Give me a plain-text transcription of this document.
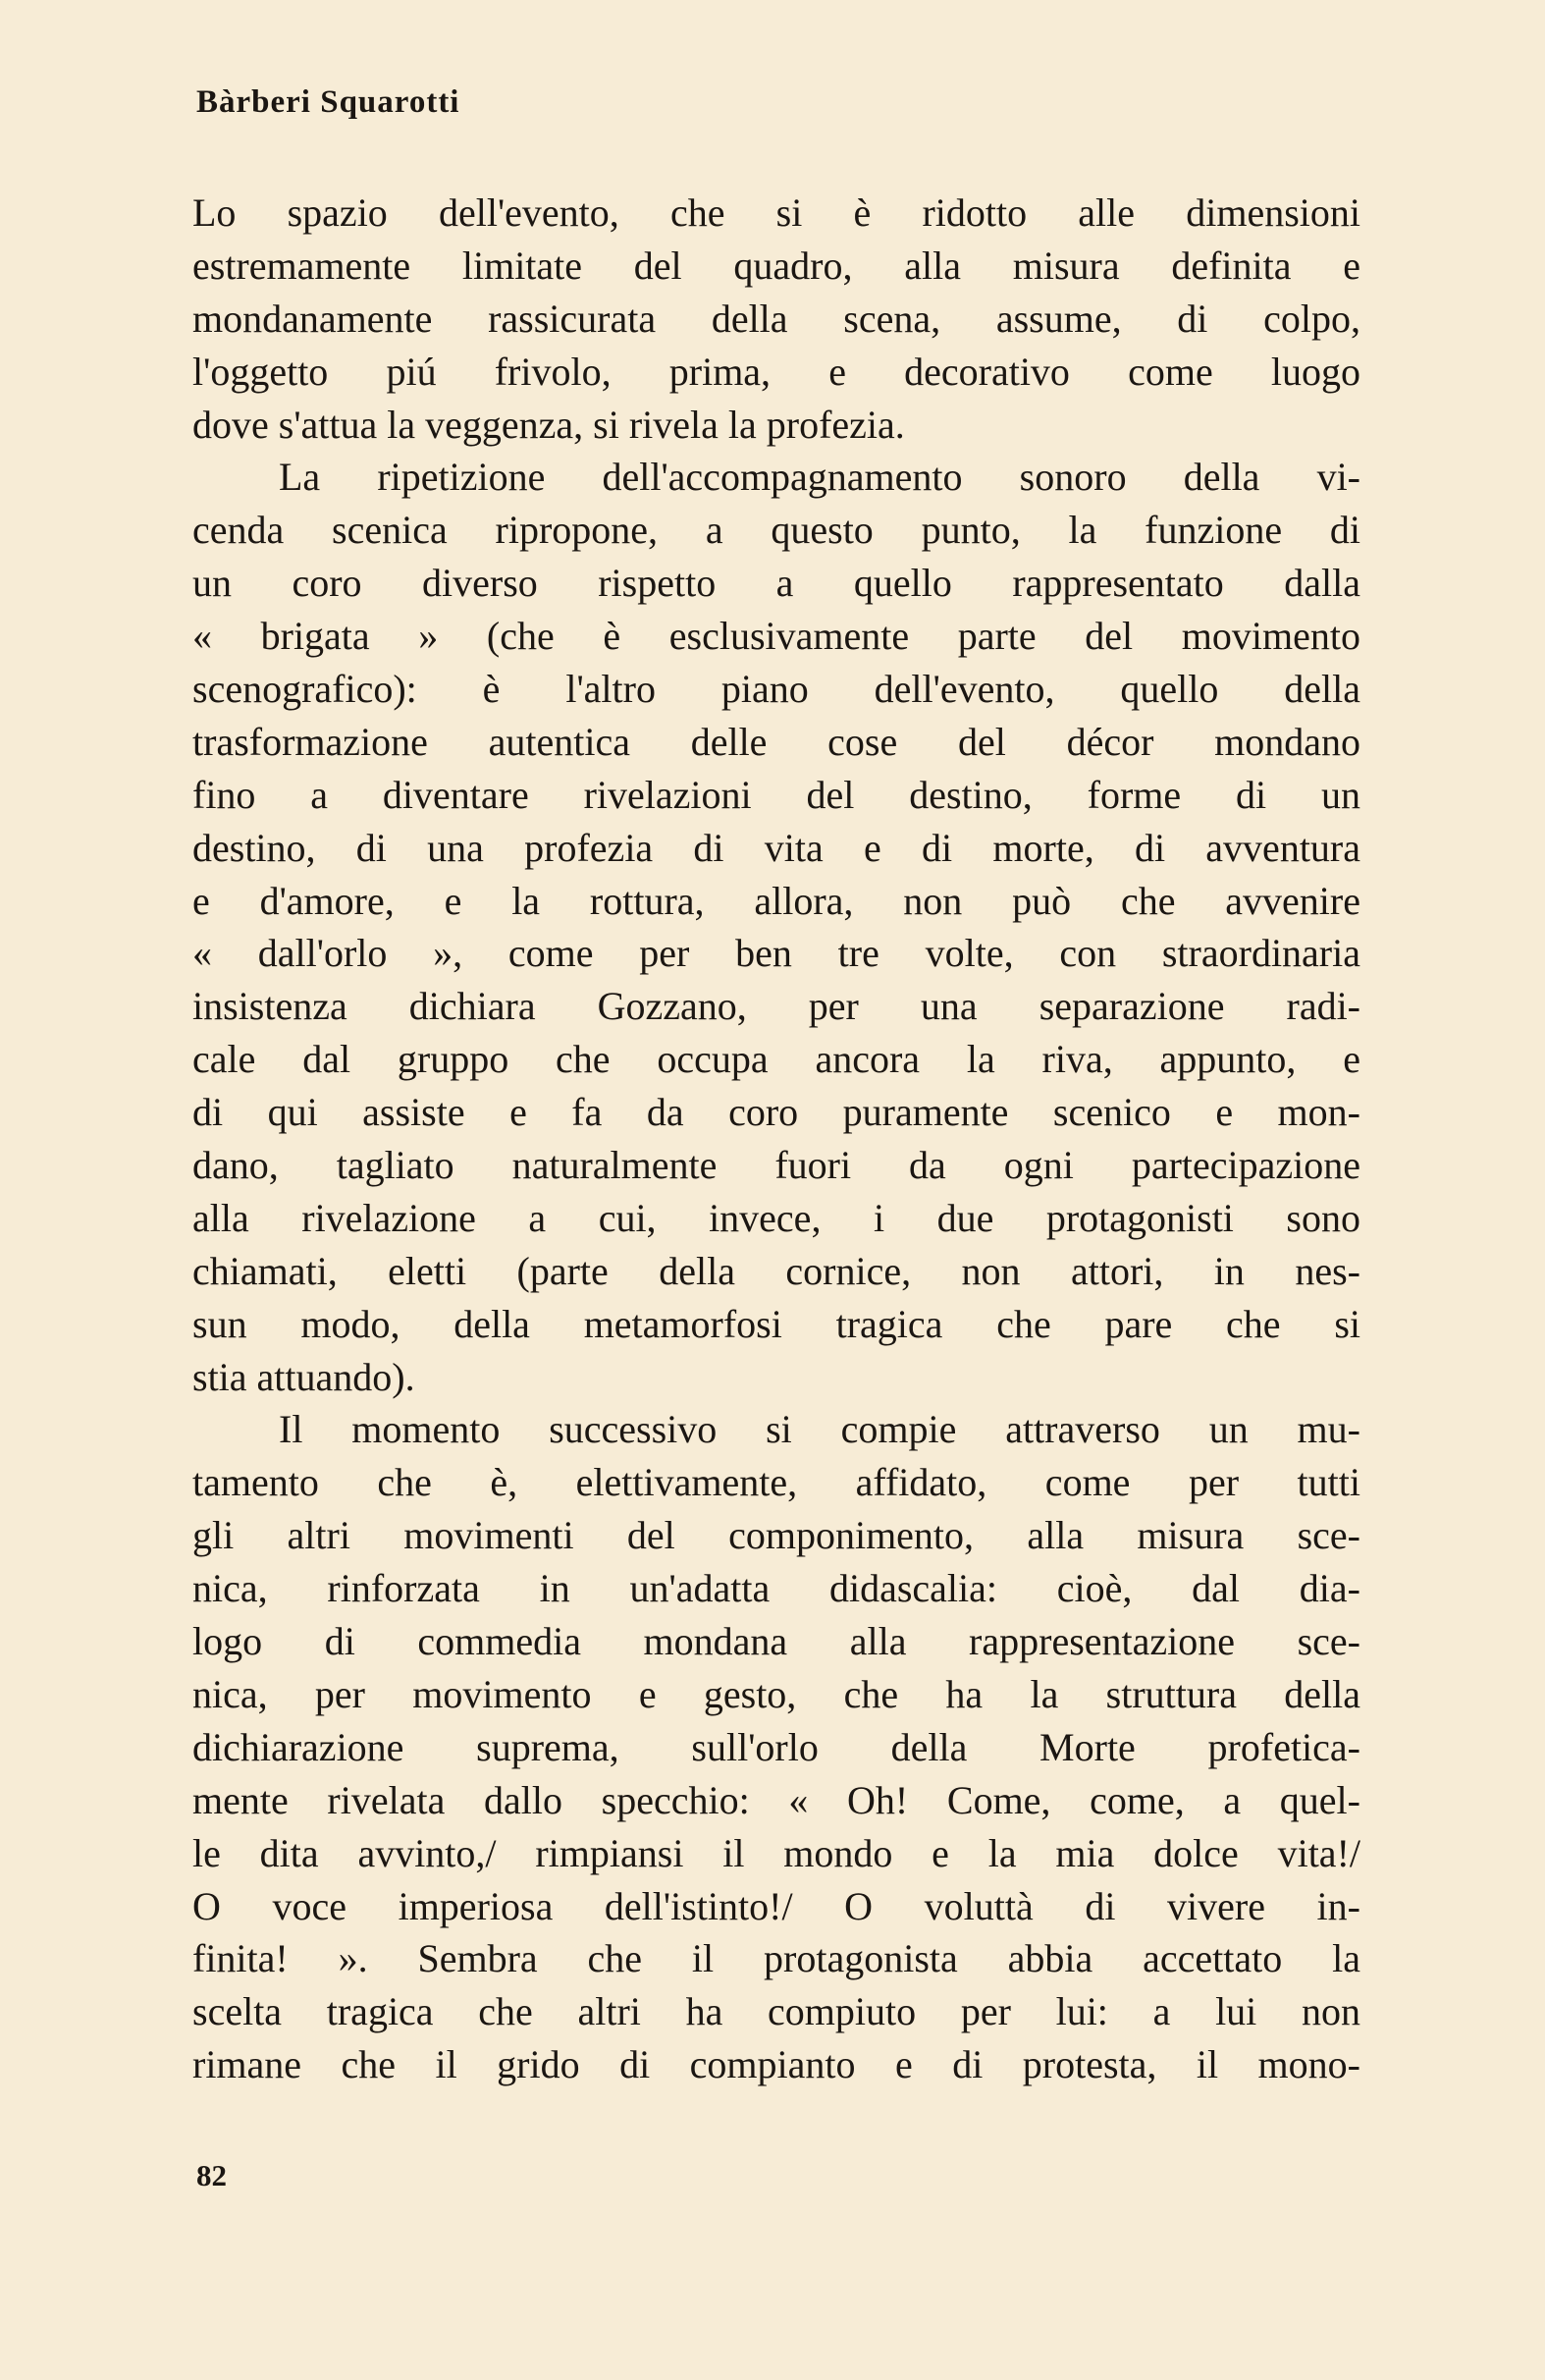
Bàrberi Squarotti
Lo spazio dell'evento, che si è ridotto alle dimensioni
estremamente limitate del quadro, alla misura definita e
mondanamente rassicurata della scena, assume, di colpo,
l'oggetto piú frivolo, prima, e decorativo come luogo
dove s'attua la veggenza, si rivela la profezia.
La ripetizione dell'accompagnamento sonoro della vi-
cenda scenica ripropone, a questo punto, la funzione di
un coro diverso rispetto a quello rappresentato dalla
« brigata » (che è esclusivamente parte del movimento
scenografico): è l'altro piano dell'evento, quello della
trasformazione autentica delle cose del décor mondano
fino a diventare rivelazioni del destino, forme di un
destino, di una profezia di vita e di morte, di avventura
e d'amore, e la rottura, allora, non può che avvenire
« dall'orlo », come per ben tre volte, con straordinaria
insistenza dichiara Gozzano, per una separazione radi-
cale dal gruppo che occupa ancora la riva, appunto, e
di qui assiste e fa da coro puramente scenico e mon-
dano, tagliato naturalmente fuori da ogni partecipazione
alla rivelazione a cui, invece, i due protagonisti sono
chiamati, eletti (parte della cornice, non attori, in nes-
sun modo, della metamorfosi tragica che pare che si
stia attuando).
Il momento successivo si compie attraverso un mu-
tamento che è, elettivamente, affidato, come per tutti
gli altri movimenti del componimento, alla misura sce-
nica, rinforzata in un'adatta didascalia: cioè, dal dia-
logo di commedia mondana alla rappresentazione sce-
nica, per movimento e gesto, che ha la struttura della
dichiarazione suprema, sull'orlo della Morte profetica-
mente rivelata dallo specchio: « Oh! Come, come, a quel-
le dita avvinto,/ rimpiansi il mondo e la mia dolce vita!/
O voce imperiosa dell'istinto!/ O voluttà di vivere in-
finita! ». Sembra che il protagonista abbia accettato la
scelta tragica che altri ha compiuto per lui: a lui non
rimane che il grido di compianto e di protesta, il mono-
82
